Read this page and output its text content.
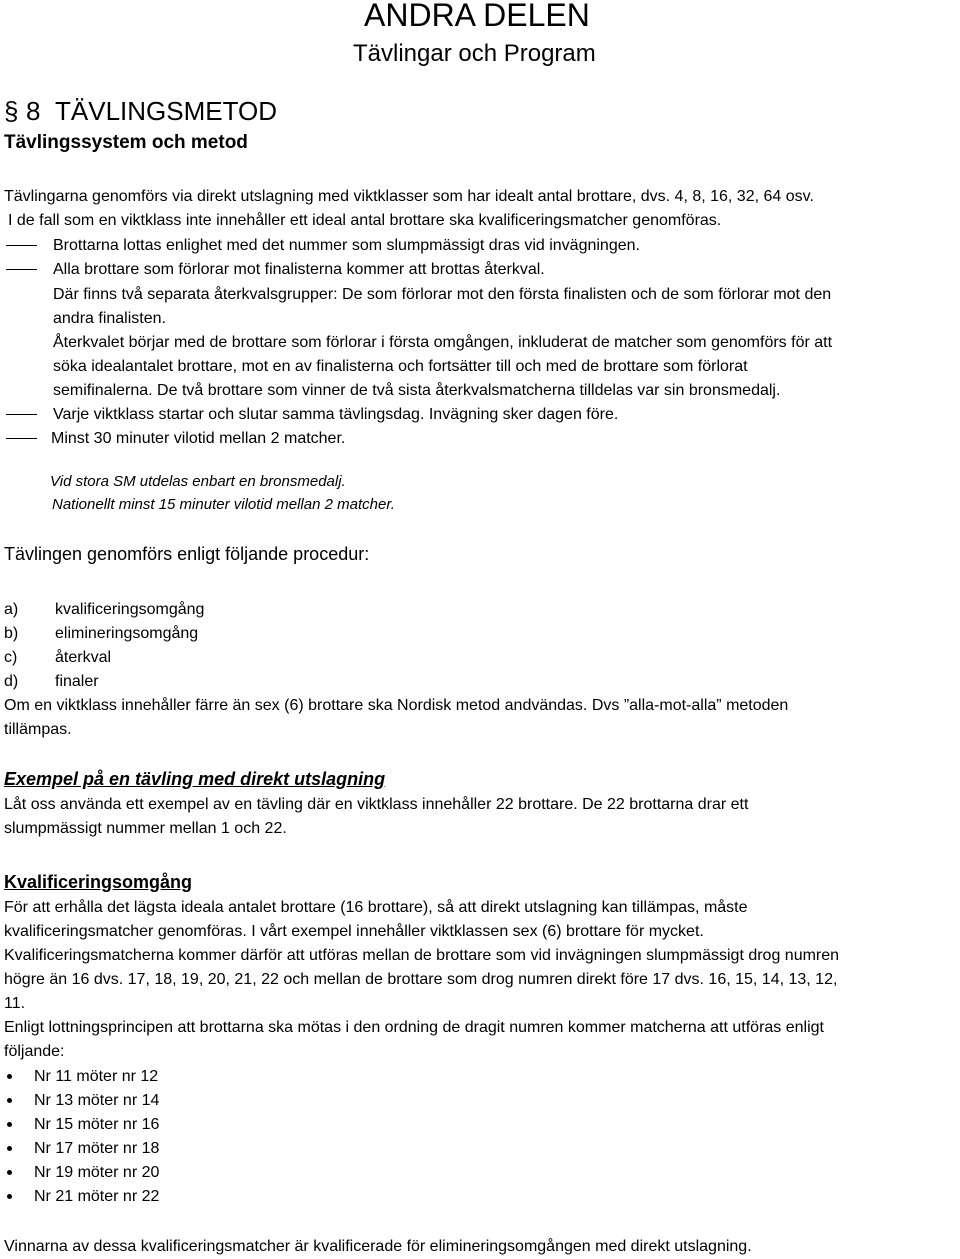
ANDRA DELEN
Tävlingar och Program
§ 8 TÄVLINGSMETOD
Tävlingssystem och metod
Tävlingarna genomförs via direkt utslagning med viktklasser som har idealt antal brottare, dvs. 4, 8, 16, 32, 64 osv.
I de fall som en viktklass inte innehåller ett ideal antal brottare ska kvalificeringsmatcher genomföras.
Brottarna lottas enlighet med det nummer som slumpmässigt dras vid invägningen.
Alla brottare som förlorar mot finalisterna kommer att brottas återkval.
Där finns två separata återkvalsgrupper: De som förlorar mot den första finalisten och de som förlorar mot den
andra finalisten.
Återkvalet börjar med de brottare som förlorar i första omgången, inkluderat de matcher som genomförs för att
söka idealantalet brottare, mot en av finalisterna och fortsätter till och med de brottare som förlorat
semifinalerna. De två brottare som vinner de två sista återkvalsmatcherna tilldelas var sin bronsmedalj.
Varje viktklass startar och slutar samma tävlingsdag. Invägning sker dagen före.
Minst 30 minuter vilotid mellan 2 matcher.
Vid stora SM utdelas enbart en bronsmedalj.
Nationellt minst 15 minuter vilotid mellan 2 matcher.
Tävlingen genomförs enligt följande procedur:
a) kvalificeringsomgång
b) elimineringsomgång
c) återkval
d) finaler
Om en viktklass innehåller färre än sex (6) brottare ska Nordisk metod andvändas. Dvs ”alla-mot-alla” metoden
tillämpas.
Exempel på en tävling med direkt utslagning
Låt oss använda ett exempel av en tävling där en viktklass innehåller 22 brottare. De 22 brottarna drar ett
slumpmässigt nummer mellan 1 och 22.
Kvalificeringsomgång
För att erhålla det lägsta ideala antalet brottare (16 brottare), så att direkt utslagning kan tillämpas, måste
kvalificeringsmatcher genomföras. I vårt exempel innehåller viktklassen sex (6) brottare för mycket.
Kvalificeringsmatcherna kommer därför att utföras mellan de brottare som vid invägningen slumpmässigt drog numren
högre än 16 dvs. 17, 18, 19, 20, 21, 22 och mellan de brottare som drog numren direkt före 17 dvs. 16, 15, 14, 13, 12,
11.
Enligt lottningsprincipen att brottarna ska mötas i den ordning de dragit numren kommer matcherna att utföras enligt
följande:
Nr 11 möter nr 12
Nr 13 möter nr 14
Nr 15 möter nr 16
Nr 17 möter nr 18
Nr 19 möter nr 20
Nr 21 möter nr 22
Vinnarna av dessa kvalificeringsmatcher är kvalificerade för elimineringsomgången med direkt utslagning.
